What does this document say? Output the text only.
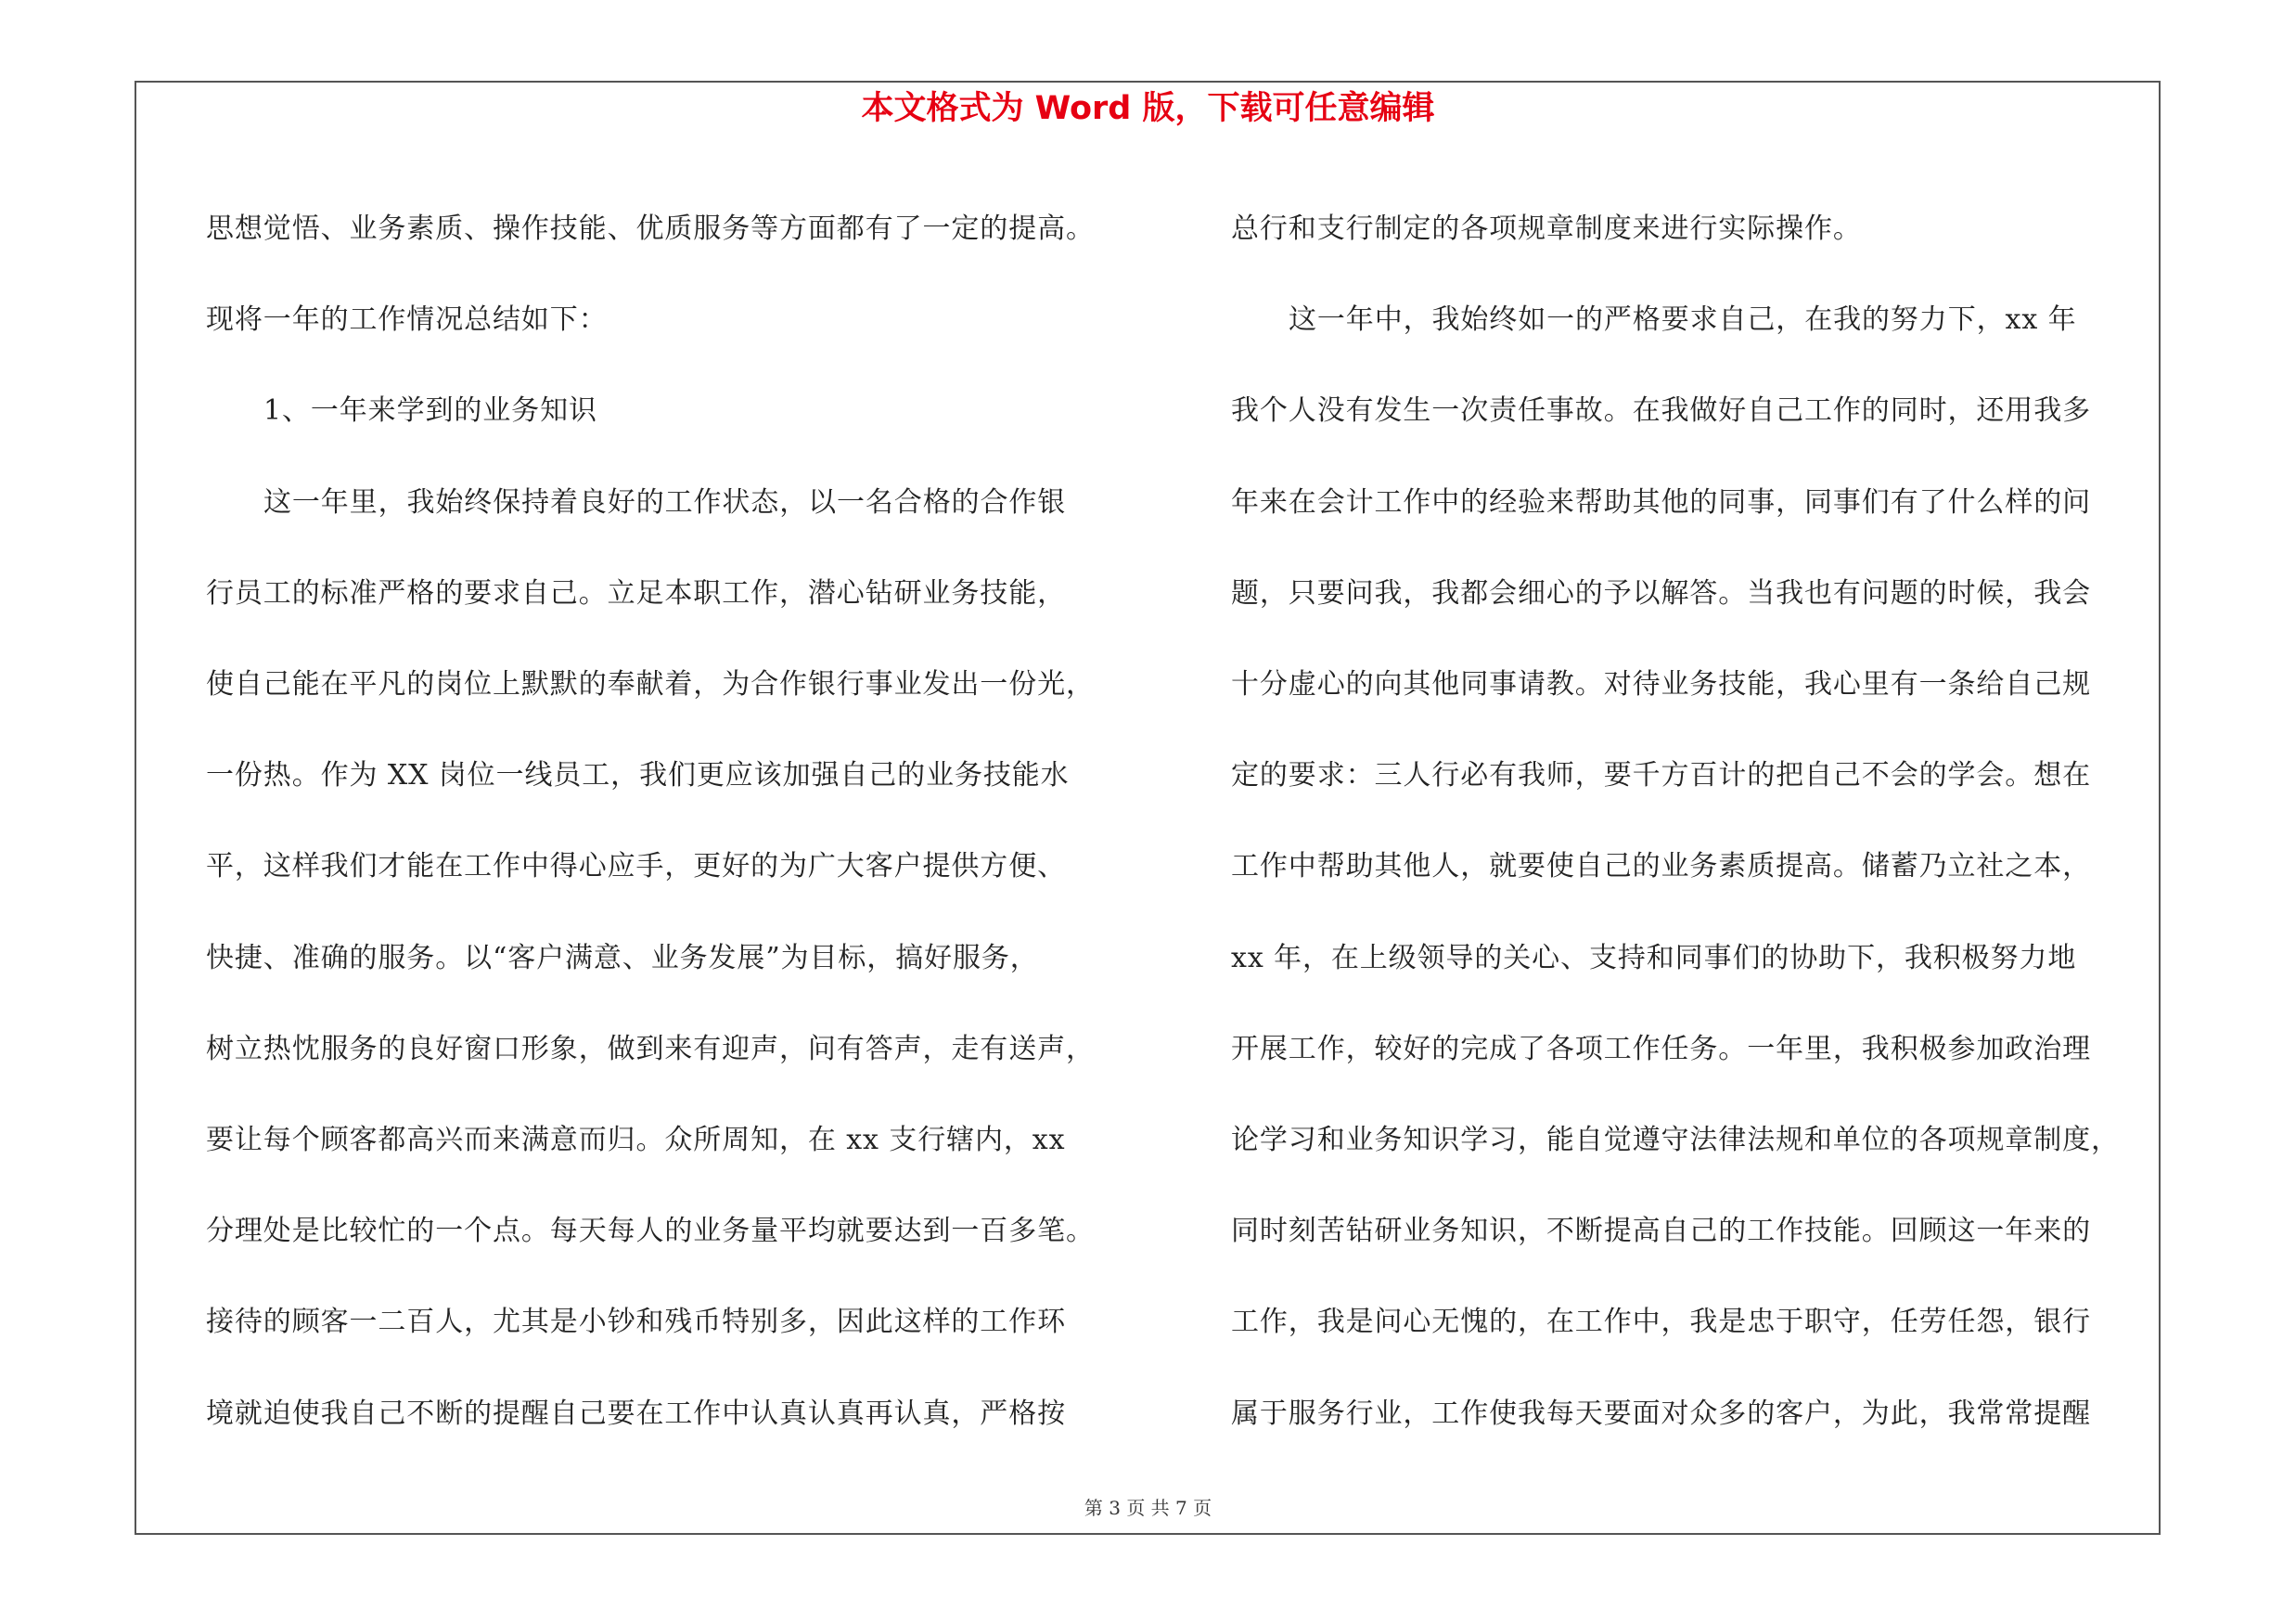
本文格式为 Word 版，下载可任意编辑

思想觉悟、业务素质、操作技能、优质服务等方面都有了一定的提高。

现将一年的工作情况总结如下：

1、一年来学到的业务知识

这一年里，我始终保持着良好的工作状态，以一名合格的合作银

行员工的标准严格的要求自己。立足本职工作，潜心钻研业务技能，

使自己能在平凡的岗位上默默的奉献着，为合作银行事业发出一份光，

一份热。作为 XX 岗位一线员工，我们更应该加强自己的业务技能水

平，这样我们才能在工作中得心应手，更好的为广大客户提供方便、

快捷、准确的服务。以“客户满意、业务发展”为目标，搞好服务，

树立热忱服务的良好窗口形象，做到来有迎声，问有答声，走有送声，

要让每个顾客都高兴而来满意而归。众所周知，在 xx 支行辖内，xx

分理处是比较忙的一个点。每天每人的业务量平均就要达到一百多笔。

接待的顾客一二百人，尤其是小钞和残币特别多，因此这样的工作环

境就迫使我自己不断的提醒自己要在工作中认真认真再认真，严格按

总行和支行制定的各项规章制度来进行实际操作。

这一年中，我始终如一的严格要求自己，在我的努力下，xx 年

我个人没有发生一次责任事故。在我做好自己工作的同时，还用我多

年来在会计工作中的经验来帮助其他的同事，同事们有了什么样的问

题，只要问我，我都会细心的予以解答。当我也有问题的时候，我会

十分虚心的向其他同事请教。对待业务技能，我心里有一条给自己规

定的要求：三人行必有我师，要千方百计的把自己不会的学会。想在

工作中帮助其他人，就要使自己的业务素质提高。储蓄乃立社之本，

xx 年，在上级领导的关心、支持和同事们的协助下，我积极努力地

开展工作，较好的完成了各项工作任务。一年里，我积极参加政治理

论学习和业务知识学习，能自觉遵守法律法规和单位的各项规章制度，

同时刻苦钻研业务知识，不断提高自己的工作技能。回顾这一年来的

工作，我是问心无愧的，在工作中，我是忠于职守，任劳任怨，银行

属于服务行业，工作使我每天要面对众多的客户，为此，我常常提醒

第 3 页 共 7 页
